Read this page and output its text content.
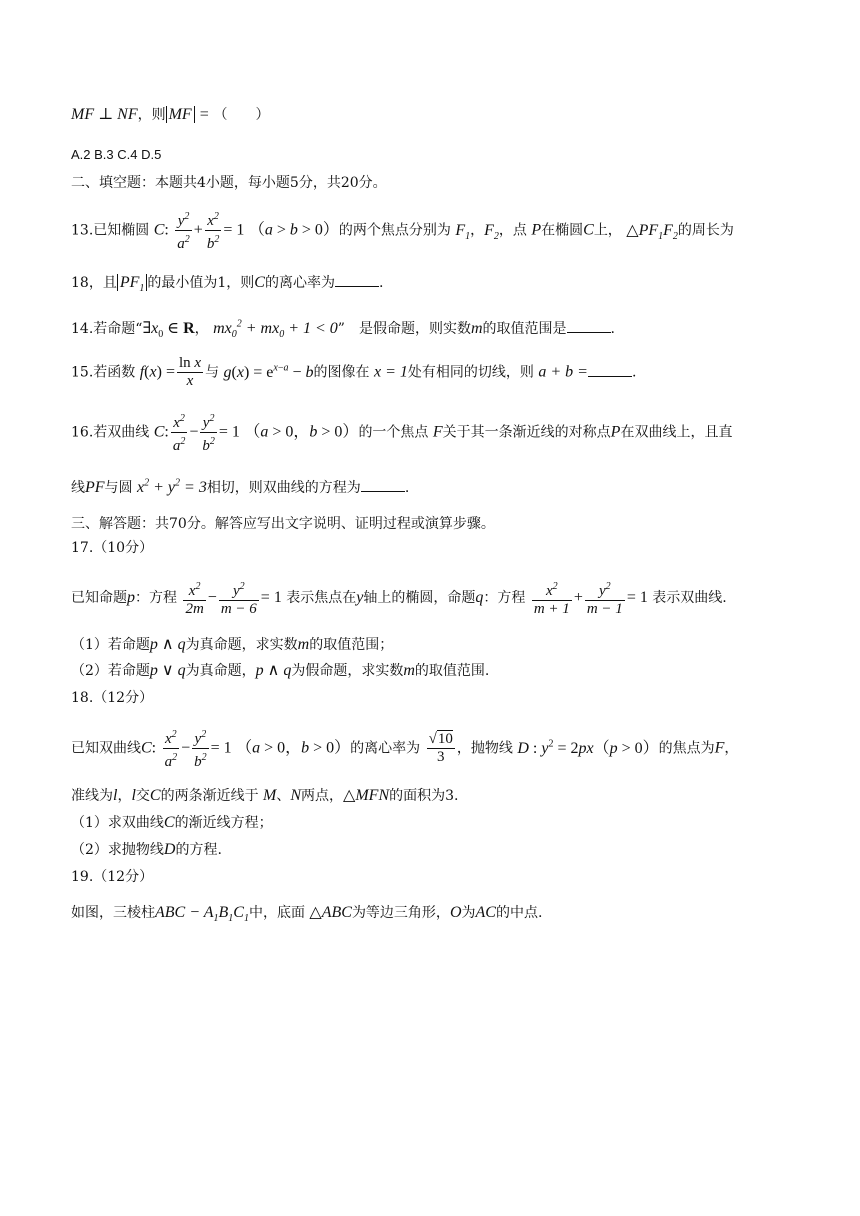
MF ⊥ NF，则 MF = （　　）
A.2 B.3 C.4 D.5
二、填空题：本题共4小题，每小题5分，共20分。
13.已知椭圆 C: $\frac{y^2}{a^2} + \frac{x^2}{b^2} = 1$ （a > b > 0）的两个焦点分别为 $F_1$，$F_2$，点 P在椭圆C上， $\triangle PF_1F_2$的周长为
18，且 $PF_1$ 的最小值为1，则C的离心率为	.
14.若命题“$\exists x_0$ ∈ R， $mx_0^2 + mx_0 + 1 < 0$”　是假命题，则实数m的取值范围是	.
15.若函数 $f(x) = \frac{\text{ln x}}{x}$ 与 $g(x) = e^{x-a} - b$的图像在 x = 1处有相同的切线，则 a + b =	.
16.若双曲线 C: $\frac{x^2}{a^2} - \frac{y^2}{b^2} = 1$ （a > 0，b > 0）的一个焦点 F关于其一条渐近线的对称点P在双曲线上，且直
线PF与圆 $x^2 + y^2 = 3$相切，则双曲线的方程为	.
三、解答题：共70分。解答应写出文字说明、证明过程或演算步骤。
17.（10分）
已知命题p：方程 $\frac{x^2}{2m} - \frac{y^2}{m - 6} = 1$ 表示焦点在y轴上的椭圆，命题q：方程 $\frac{x^2}{m + 1} + \frac{y^2}{m - 1} = 1$ 表示双曲线.
（1）若命题p ∧ q为真命题，求实数m的取值范围；
（2）若命题p ∨ q为真命题，p ∧ q为假命题，求实数m的取值范围.
18.（12分）
已知双曲线C: $\frac{x^2}{a^2} - \frac{y^2}{b^2} = 1$ （a > 0，b > 0）的离心率为 $\frac{√10}{3}$ ，抛物线 D : $y^2 = 2px(p > 0)$的焦点为F，
准线为l，l交C的两条渐近线于 M、N两点，△MFN的面积为3.
（1）求双曲线C的渐近线方程；
（2）求抛物线D的方程.
19.（12分）
如图，三棱柱ABC − $A_1B_1C_1$中，底面 △ABC为等边三角形，O为AC的中点.
